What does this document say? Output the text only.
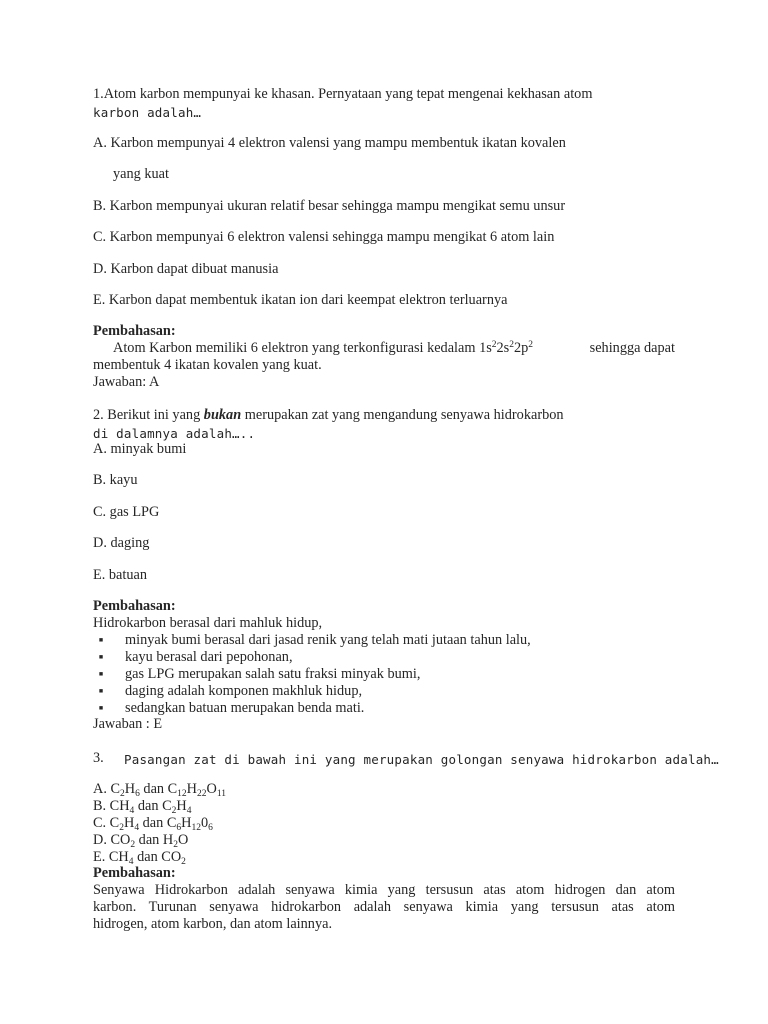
1.Atom karbon mempunyai ke khasan. Pernyataan yang tepat mengenai kekhasan atom
karbon adalah…
A. Karbon mempunyai 4 elektron valensi yang mampu membentuk ikatan kovalen
yang kuat
B. Karbon mempunyai ukuran relatif besar sehingga mampu mengikat semu unsur
C. Karbon mempunyai 6 elektron valensi sehingga mampu mengikat 6 atom lain
D. Karbon dapat dibuat manusia
E. Karbon dapat membentuk ikatan ion dari keempat elektron terluarnya
Pembahasan:
Atom Karbon memiliki 6 elektron yang terkonfigurasi kedalam $1s^22s^22p^2$	sehingga dapat
membentuk 4 ikatan kovalen yang kuat.
Jawaban: A
2. Berikut ini yang bukan merupakan zat yang mengandung senyawa hidrokarbon
di dalamnya adalah…..
A. minyak bumi
B. kayu
C. gas LPG
D. daging
E. batuan
Pembahasan:
Hidrokarbon berasal dari mahluk hidup,
■ minyak bumi berasal dari jasad renik yang telah mati jutaan tahun lalu,
■ kayu berasal dari pepohonan,
■ gas LPG merupakan salah satu fraksi minyak bumi,
■ daging adalah komponen makhluk hidup,
■ sedangkan batuan merupakan benda mati.
Jawaban : E
3. Pasangan zat di bawah ini yang merupakan golongan senyawa hidrokarbon adalah…
A. $C_2H_6$ dan $C_{12}H_{22}O_{11}$
B. $CH_4$ dan $C_2H_4$
C. $C_2H_4$ dan $C_6H_{12}0_6$
D. $CO_2$ dan $H_2O$
E. $CH_4$ dan $CO_2$
Pembahasan:
Senyawa Hidrokarbon adalah senyawa kimia yang tersusun atas atom hidrogen dan atom
karbon. Turunan senyawa hidrokarbon adalah senyawa kimia yang tersusun atas atom
hidrogen, atom karbon, dan atom lainnya.
